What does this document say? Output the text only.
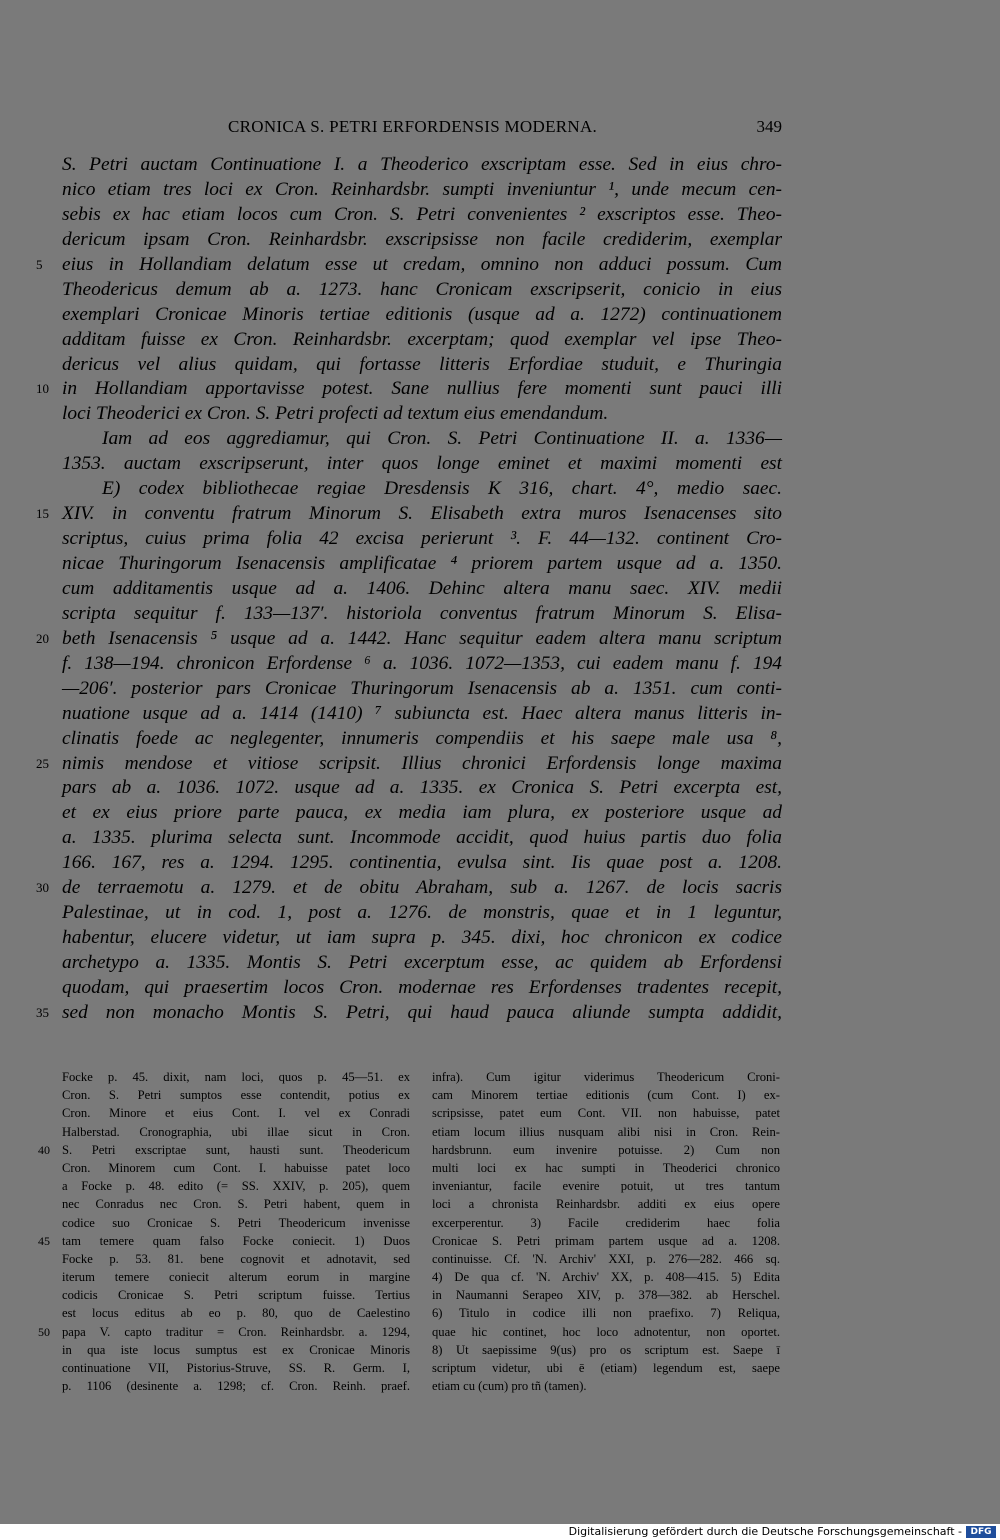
CRONICA S. PETRI ERFORDENSIS MODERNA.	349
S. Petri auctam Continuatione I. a Theoderico exscriptam esse. Sed in eius chro-
nico etiam tres loci ex Cron. Reinhardsbr. sumpti inveniuntur ¹, unde mecum cen-
sebis ex hac etiam locos cum Cron. S. Petri convenientes ² exscriptos esse. Theo-
dericum ipsam Cron. Reinhardsbr. exscripsisse non facile crediderim, exemplar
5 eius in Hollandiam delatum esse ut credam, omnino non adduci possum. Cum
Theodericus demum ab a. 1273. hanc Cronicam exscripserit, conicio in eius
exemplari Cronicae Minoris tertiae editionis (usque ad a. 1272) continuationem
additam fuisse ex Cron. Reinhardsbr. excerptam; quod exemplar vel ipse Theo-
dericus vel alius quidam, qui fortasse litteris Erfordiae studuit, e Thuringia
10 in Hollandiam apportavisse potest. Sane nullius fere momenti sunt pauci illi
loci Theoderici ex Cron. S. Petri profecti ad textum eius emendandum.
Iam ad eos aggrediamur, qui Cron. S. Petri Continuatione II. a. 1336—
1353. auctam exscripserunt, inter quos longe eminet et maximi momenti est
E) codex bibliothecae regiae Dresdensis K 316, chart. 4°, medio saec.
15 XIV. in conventu fratrum Minorum S. Elisabeth extra muros Isenacenses sito
scriptus, cuius prima folia 42 excisa perierunt ³. F. 44—132. continent Cro-
nicae Thuringorum Isenacensis amplificatae ⁴ priorem partem usque ad a. 1350.
cum additamentis usque ad a. 1406. Dehinc altera manu saec. XIV. medii
scripta sequitur f. 133—137′. historiola conventus fratrum Minorum S. Elisa-
20 beth Isenacensis ⁵ usque ad a. 1442. Hanc sequitur eadem altera manu scriptum
f. 138—194. chronicon Erfordense ⁶ a. 1036. 1072—1353, cui eadem manu f. 194
—206′. posterior pars Cronicae Thuringorum Isenacensis ab a. 1351. cum conti-
nuatione usque ad a. 1414 (1410) ⁷ subiuncta est. Haec altera manus litteris in-
clinatis foede ac neglegenter, innumeris compendiis et his saepe male usa ⁸,
25 nimis mendose et vitiose scripsit. Illius chronici Erfordensis longe maxima
pars ab a. 1036. 1072. usque ad a. 1335. ex Cronica S. Petri excerpta est,
et ex eius priore parte pauca, ex media iam plura, ex posteriore usque ad
a. 1335. plurima selecta sunt. Incommode accidit, quod huius partis duo folia
166. 167, res a. 1294. 1295. continentia, evulsa sint. Iis quae post a. 1208.
30 de terraemotu a. 1279. et de obitu Abraham, sub a. 1267. de locis sacris
Palestinae, ut in cod. 1, post a. 1276. de monstris, quae et in 1 leguntur,
habentur, elucere videtur, ut iam supra p. 345. dixi, hoc chronicon ex codice
archetypo a. 1335. Montis S. Petri excerptum esse, ac quidem ab Erfordensi
quodam, qui praesertim locos Cron. modernae res Erfordenses tradentes recepit,
35 sed non monacho Montis S. Petri, qui haud pauca aliunde sumpta addidit,
Focke p. 45. dixit, nam loci, quos p. 45—51. ex
Cron. S. Petri sumptos esse contendit, potius ex
Cron. Minore et eius Cont. I. vel ex Conradi
Halberstad. Cronographia, ubi illae sicut in Cron.
40 S. Petri exscriptae sunt, hausti sunt. Theodericum
Cron. Minorem cum Cont. I. habuisse patet loco
a Focke p. 48. edito (= SS. XXIV, p. 205), quem
nec Conradus nec Cron. S. Petri habent, quem in
codice suo Cronicae S. Petri Theodericum invenisse
45 tam temere quam falso Focke coniecit. 1) Duos
Focke p. 53. 81. bene cognovit et adnotavit, sed
iterum temere coniecit alterum eorum in margine
codicis Cronicae S. Petri scriptum fuisse. Tertius
est locus editus ab eo p. 80, quo de Caelestino
50 papa V. capto traditur = Cron. Reinhardsbr. a. 1294,
in qua iste locus sumptus est ex Cronicae Minoris
continuatione VII, Pistorius-Struve, SS. R. Germ. I,
p. 1106 (desinente a. 1298; cf. Cron. Reinh. praef.
infra). Cum igitur viderimus Theodericum Croni-
cam Minorem tertiae editionis (cum Cont. I) ex-
scripsisse, patet eum Cont. VII. non habuisse, patet
etiam locum illius nusquam alibi nisi in Cron. Rein-
hardsbrunn. eum invenire potuisse. 2) Cum non
multi loci ex hac sumpti in Theoderici chronico
inveniantur, facile evenire potuit, ut tres tantum
loci a chronista Reinhardsbr. additi ex eius opere
excerperentur. 3) Facile crediderim haec folia
Cronicae S. Petri primam partem usque ad a. 1208.
continuisse. Cf. 'N. Archiv' XXI, p. 276—282. 466 sq.
4) De qua cf. 'N. Archiv' XX, p. 408—415. 5) Edita
in Naumanni Serapeo XIV, p. 378—382. ab Herschel.
6) Titulo in codice illi non praefixo. 7) Reliqua,
quae hic continet, hoc loco adnotentur, non oportet.
8) Ut saepissime 9(us) pro os scriptum est. Saepe ī
scriptum videtur, ubi ē (etiam) legendum est, saepe
etiam cu (cum) pro tñ (tamen).
Digitalisierung gefördert durch die Deutsche Forschungsgemeinschaft - DFG
